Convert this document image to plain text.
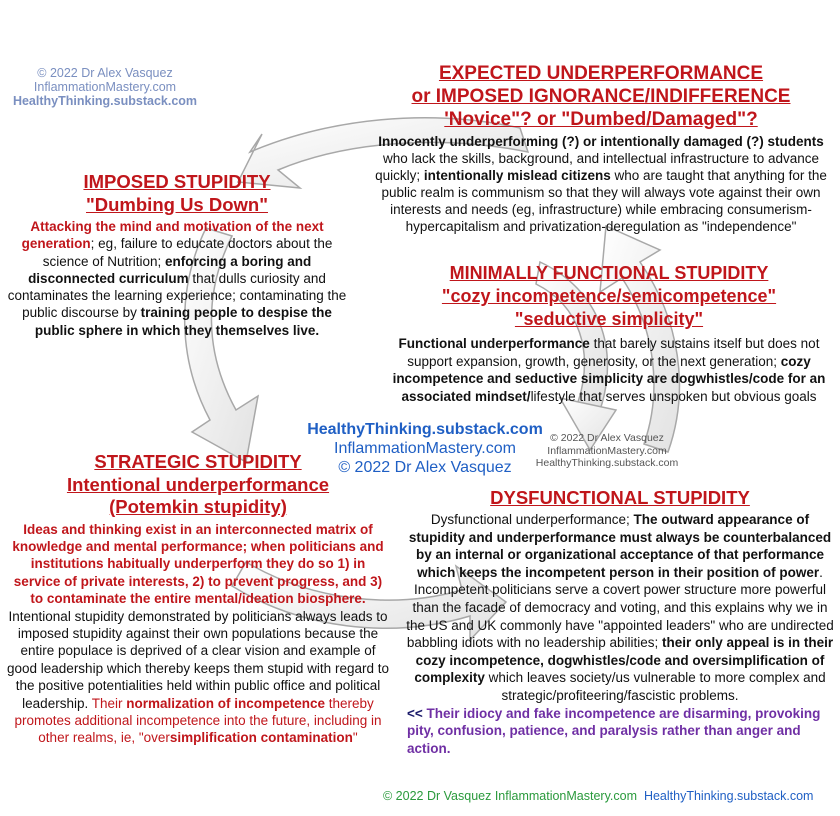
© 2022 Dr Alex Vasquez
InflammationMastery.com
HealthyThinking.substack.com
EXPECTED UNDERPERFORMANCE
or IMPOSED IGNORANCE/INDIFFERENCE
'Novice"? or "Dumbed/Damaged"?

Innocently underperforming (?) or intentionally damaged (?) students who lack the skills, background, and intellectual infrastructure to advance quickly; intentionally mislead citizens who are taught that anything for the public realm is communism so that they will always vote against their own interests and needs (eg, infrastructure) while embracing consumerism-hypercapitalism and privatization-deregulation as "independence"

MINIMALLY FUNCTIONAL STUPIDITY
"cozy incompetence/semicompetence"
"seductive simplicity"

Functional underperformance that barely sustains itself but does not support expansion, growth, generosity, or the next generation; cozy incompetence and seductive simplicity are dogwhistles/code for an associated mindset/lifestyle that serves unspoken but obvious goals

IMPOSED STUPIDITY
"Dumbing Us Down"

Attacking the mind and motivation of the next generation; eg, failure to educate doctors about the science of Nutrition; enforcing a boring and disconnected curriculum that dulls curiosity and contaminates the learning experience; contaminating the public discourse by training people to despise the public sphere in which they themselves live.

HealthyThinking.substack.com
InflammationMastery.com
© 2022 Dr Alex Vasquez
© 2022 Dr Alex Vasquez
InflammationMastery.com
HealthyThinking.substack.com
STRATEGIC STUPIDITY
Intentional underperformance
(Potemkin stupidity)

Ideas and thinking exist in an interconnected matrix of knowledge and mental performance; when politicians and institutions habitually underperform they do so 1) in service of private interests, 2) to prevent progress, and 3) to contaminate the entire mental/ideation biosphere. Intentional stupidity demonstrated by politicians always leads to imposed stupidity against their own populations because the entire populace is deprived of a clear vision and example of good leadership which thereby keeps them stupid with regard to the positive potentialities held within public office and political leadership. Their normalization of incompetence thereby promotes additional incompetence into the future, including in other realms, ie, "oversimplification contamination"

DYSFUNCTIONAL STUPIDITY

Dysfunctional underperformance; The outward appearance of stupidity and underperformance must always be counterbalanced by an internal or organizational acceptance of that performance which keeps the incompetent person in their position of power. Incompetent politicians serve a covert power structure more powerful than the facade of democracy and voting, and this explains why we in the US and UK commonly have "appointed leaders" who are undirected babbling idiots with no leadership abilities; their only appeal is in their cozy incompetence, dogwhistles/code and oversimplification of complexity which leaves society/us vulnerable to more complex and strategic/profiteering/fascistic problems.

<< Their idiocy and fake incompetence are disarming, provoking pity, confusion, patience, and paralysis rather than anger and action.

© 2022 Dr Vasquez InflammationMastery.com HealthyThinking.substack.com
